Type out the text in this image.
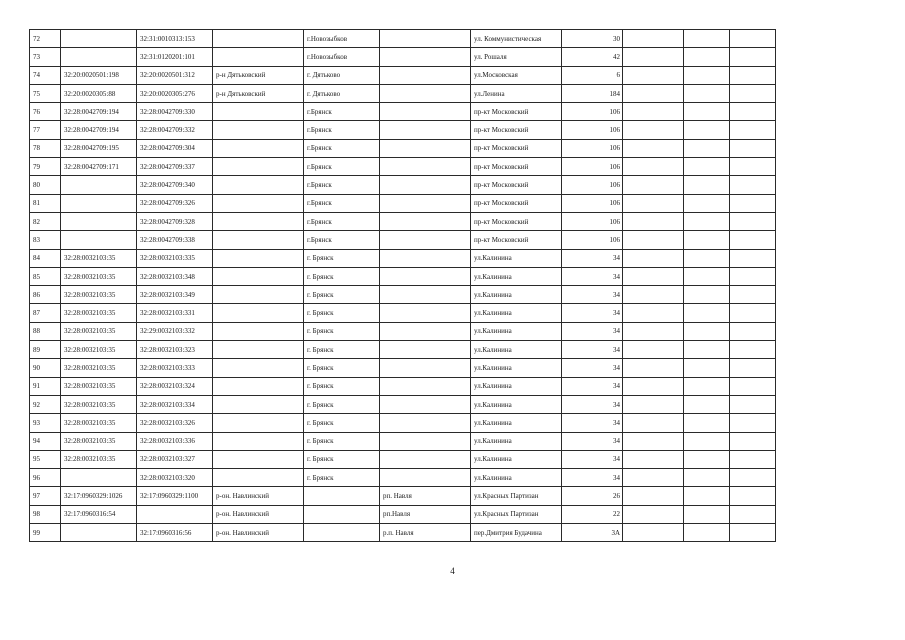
72		32:31:0010313:153		г.Новозыбков		ул. Коммунистическая	30			
73		32:31:0120201:101		г.Новозыбков		ул. Рошаля	42			
74	32:20:0020501:198	32:20:0020501:312	р-н Дятьковский	г. Дятьково		ул.Московская	6			
75	32:20:0020305:88	32:20:0020305:276	р-н Дятьковский	г. Дятьково		ул.Ленина	184			
76	32:28:0042709:194	32:28:0042709:330		г.Брянск		пр-кт Московский	106			
77	32:28:0042709:194	32:28:0042709:332		г.Брянск		пр-кт Московский	106			
78	32:28:0042709:195	32:28:0042709:304		г.Брянск		пр-кт Московский	106			
79	32:28:0042709:171	32:28:0042709:337		г.Брянск		пр-кт Московский	106			
80		32:28:0042709:340		г.Брянск		пр-кт Московский	106			
81		32:28:0042709:326		г.Брянск		пр-кт Московский	106			
82		32:28:0042709:328		г.Брянск		пр-кт Московский	106			
83		32:28:0042709:338		г.Брянск		пр-кт Московский	106			
84	32:28:0032103:35	32:28:0032103:335		г. Брянск		ул.Калинина	34			
85	32:28:0032103:35	32:28:0032103:348		г. Брянск		ул.Калинина	34			
86	32:28:0032103:35	32:28:0032103:349		г. Брянск		ул.Калинина	34			
87	32:28:0032103:35	32:28:0032103:331		г. Брянск		ул.Калинина	34			
88	32:28:0032103:35	32:29:0032103:332		г. Брянск		ул.Калинина	34			
89	32:28:0032103:35	32:28:0032103:323		г. Брянск		ул.Калинина	34			
90	32:28:0032103:35	32:28:0032103:333		г. Брянск		ул.Калинина	34			
91	32:28:0032103:35	32:28:0032103:324		г. Брянск		ул.Калинина	34			
92	32:28:0032103:35	32:28:0032103:334		г. Брянск		ул.Калинина	34			
93	32:28:0032103:35	32:28:0032103:326		г. Брянск		ул.Калинина	34			
94	32:28:0032103:35	32:28:0032103:336		г. Брянск		ул.Калинина	34			
95	32:28:0032103:35	32:28:0032103:327		г. Брянск		ул.Калинина	34			
96		32:28:0032103:320		г. Брянск		ул.Калинина	34			
97	32:17:0960329:1026	32:17:0960329:1100	р-он. Навлинский		рп. Навля	ул.Красных Партизан	26			
98	32:17:0960316:54		р-он. Навлинский		рп.Навля	ул.Красных Партизан	22			
99		32:17:0960316:56	р-он. Навлинский		р.п. Навля	пер.Дмитрия Будачина	3А			
4
